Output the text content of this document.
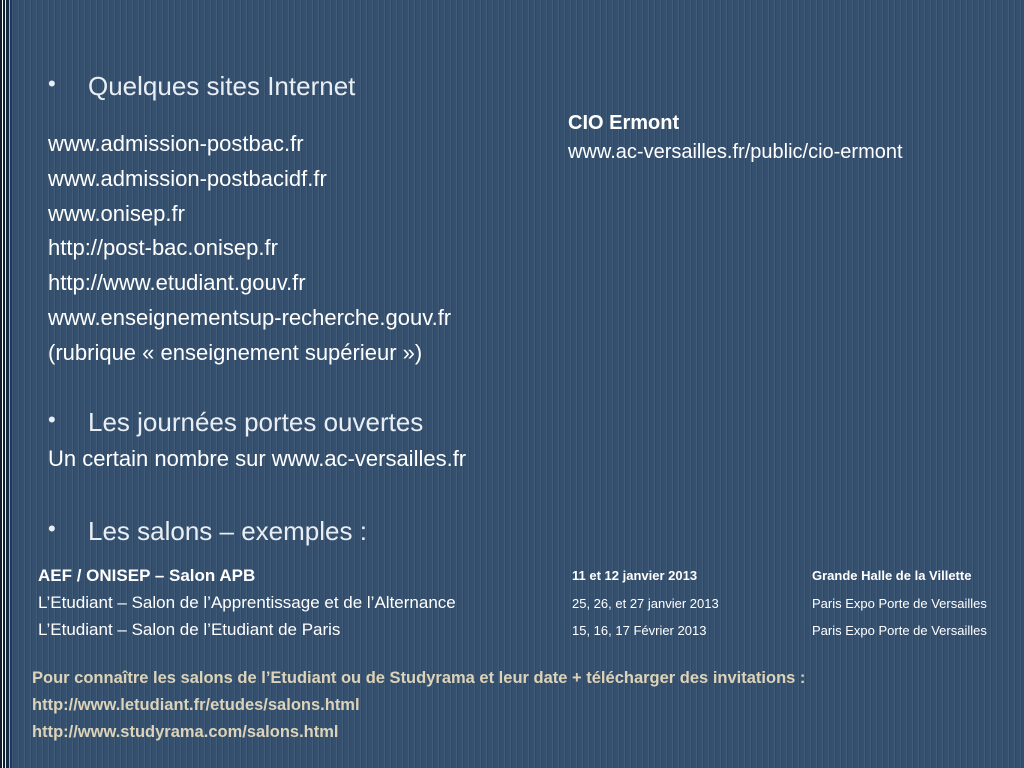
• Quelques sites Internet
www.admission-postbac.fr
www.admission-postbacidf.fr
www.onisep.fr
http://post-bac.onisep.fr
http://www.etudiant.gouv.fr
www.enseignementsup-recherche.gouv.fr
(rubrique « enseignement supérieur »)
CIO Ermont
www.ac-versailles.fr/public/cio-ermont
• Les journées portes ouvertes
Un certain nombre sur www.ac-versailles.fr
• Les salons – exemples :
AEF / ONISEP – Salon APB
L’Etudiant – Salon de l’Apprentissage et de l’Alternance
L’Etudiant – Salon de l’Etudiant de Paris
11 et 12 janvier 2013
25, 26, et 27 janvier 2013
15, 16, 17 Février 2013
Grande Halle de la Villette
Paris Expo Porte de Versailles
Paris Expo Porte de Versailles
Pour connaître les salons de l’Etudiant ou de Studyrama et leur date + télécharger des invitations :
http://www.letudiant.fr/etudes/salons.html
http://www.studyrama.com/salons.html
